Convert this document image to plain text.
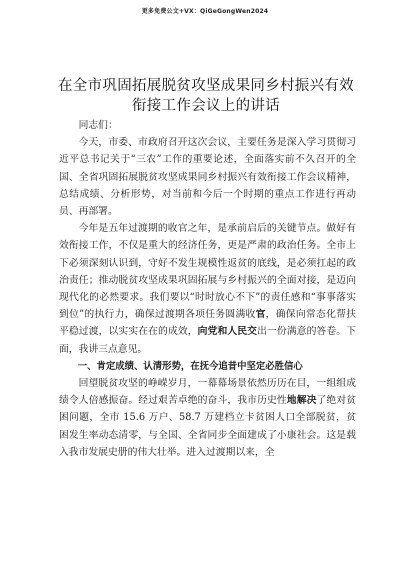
更多免费公文+VX：QiGeGongWen2024
在全市巩固拓展脱贫攻坚成果同乡村振兴有效
衔接工作会议上的讲话

同志们：

今天，市委、市政府召开这次会议，主要任务是深入学习贯彻习近平总书记关于“三农”工作的重要论述，全面落实前不久召开的全国、全省巩固拓展脱贫攻坚成果同乡村振兴有效衔接工作会议精神，总结成绩、分析形势，对当前和今后一个时期的重点工作进行再动员、再部署。

今年是五年过渡期的收官之年，是承前启后的关键节点。做好有效衔接工作，不仅是重大的经济任务，更是严肃的政治任务。全市上下必须深刻认识到，守好不发生规模性返贫的底线，是必须扛起的政治责任；推动脱贫攻坚成果巩固拓展与乡村振兴的全面对接，是迈向现代化的必然要求。我们要以“时时放心不下”的责任感和“事事落实到位”的执行力，确保过渡期各项任务圆满收官，确保向常态化帮扶平稳过渡，以实实在在的成效，向党和人民交出一份满意的答卷。下面，我讲三点意见。

一、肯定成绩、认清形势，在抚今追昔中坚定必胜信心

回望脱贫攻坚的峥嵘岁月，一幕幕场景依然历历在目，一组组成绩令人倍感振奋。经过艰苦卓绝的奋斗，我市历史性地解决了绝对贫困问题，全市 15.6 万户、58.7 万建档立卡贫困人口全部脱贫，贫困发生率动态清零，与全国、全省同步全面建成了小康社会。这是载入我市发展史册的伟大壮举。进入过渡期以来，全
